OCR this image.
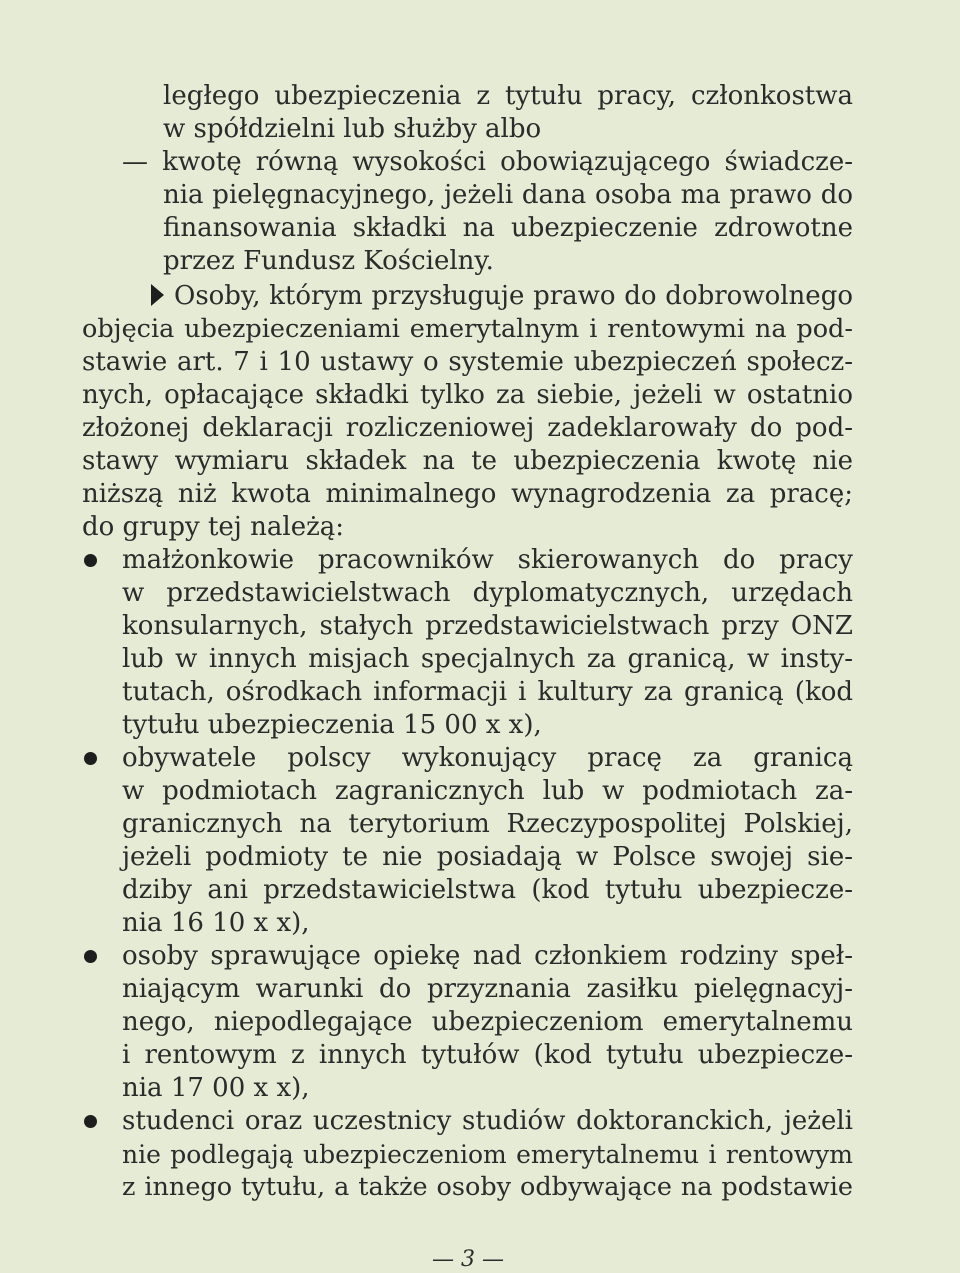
ległego ubezpieczenia z tytułu pracy, członkostwa
w spółdzielni lub służby albo
— kwotę równą wysokości obowiązującego świadcze-
nia pielęgnacyjnego, jeżeli dana osoba ma prawo do
finansowania składki na ubezpieczenie zdrowotne
przez Fundusz Kościelny.
Osoby, którym przysługuje prawo do dobrowolnego
objęcia ubezpieczeniami emerytalnym i rentowymi na pod-
stawie art. 7 i 10 ustawy o systemie ubezpieczeń społecz-
nych, opłacające składki tylko za siebie, jeżeli w ostatnio
złożonej deklaracji rozliczeniowej zadeklarowały do pod-
stawy wymiaru składek na te ubezpieczenia kwotę nie
niższą niż kwota minimalnego wynagrodzenia za pracę;
do grupy tej należą:
małżonkowie pracowników skierowanych do pracy
w przedstawicielstwach dyplomatycznych, urzędach
konsularnych, stałych przedstawicielstwach przy ONZ
lub w innych misjach specjalnych za granicą, w insty-
tutach, ośrodkach informacji i kultury za granicą (kod
tytułu ubezpieczenia 15 00 x x),
obywatele polscy wykonujący pracę za granicą
w podmiotach zagranicznych lub w podmiotach za-
granicznych na terytorium Rzeczypospolitej Polskiej,
jeżeli podmioty te nie posiadają w Polsce swojej sie-
dziby ani przedstawicielstwa (kod tytułu ubezpiecze-
nia 16 10 x x),
osoby sprawujące opiekę nad członkiem rodziny speł-
niającym warunki do przyznania zasiłku pielęgnacyj-
nego, niepodlegające ubezpieczeniom emerytalnemu
i rentowym z innych tytułów (kod tytułu ubezpiecze-
nia 17 00 x x),
studenci oraz uczestnicy studiów doktoranckich, jeżeli
nie podlegają ubezpieczeniom emerytalnemu i rentowym
z innego tytułu, a także osoby odbywające na podstawie
— 3 —
